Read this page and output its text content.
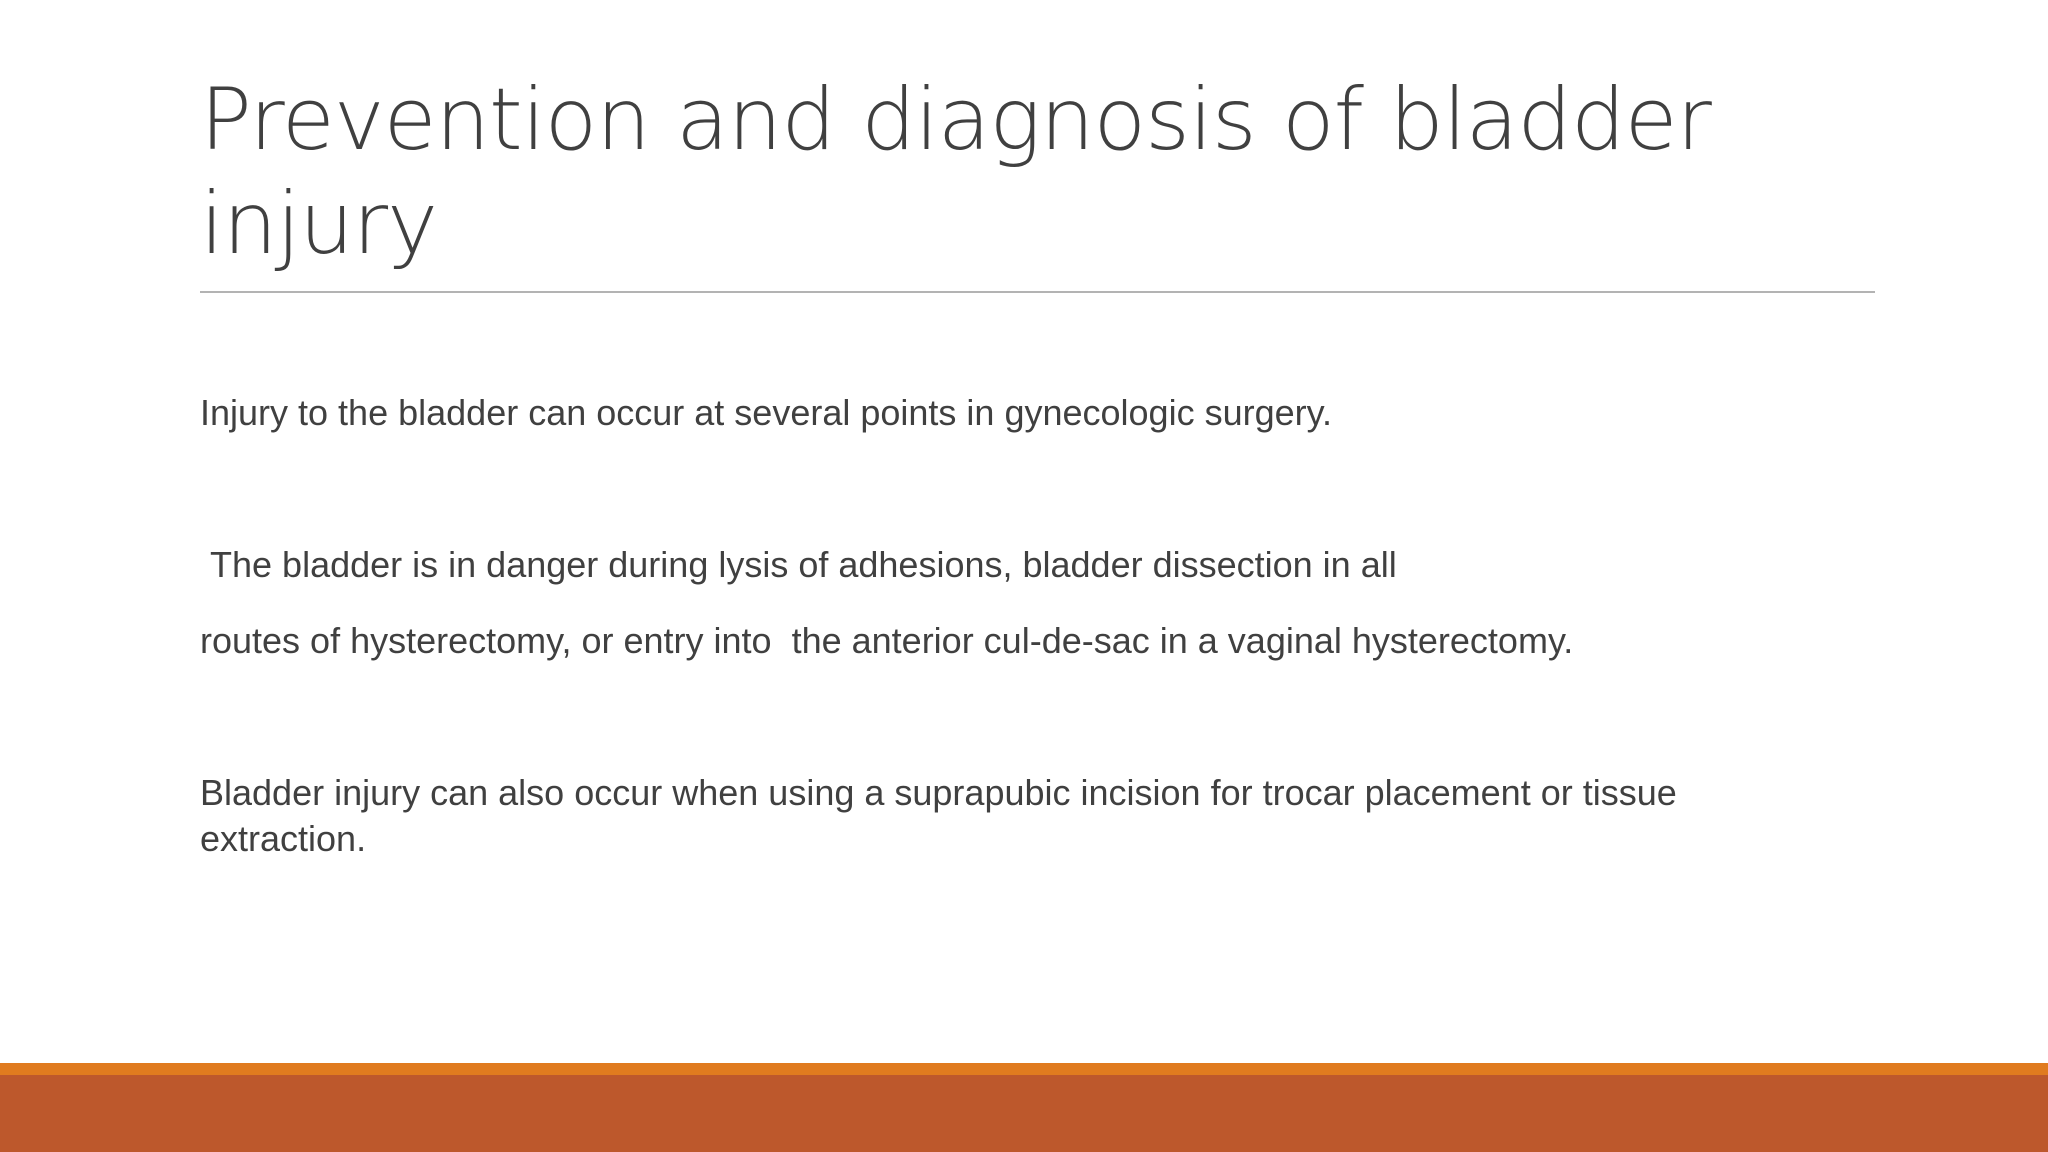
Prevention and diagnosis of bladder injury

Injury to the bladder can occur at several points in gynecologic surgery.

The bladder is in danger during lysis of adhesions, bladder dissection in all

routes of hysterectomy, or entry into  the anterior cul-de-sac in a vaginal hysterectomy.

Bladder injury can also occur when using a suprapubic incision for trocar placement or tissue extraction.
